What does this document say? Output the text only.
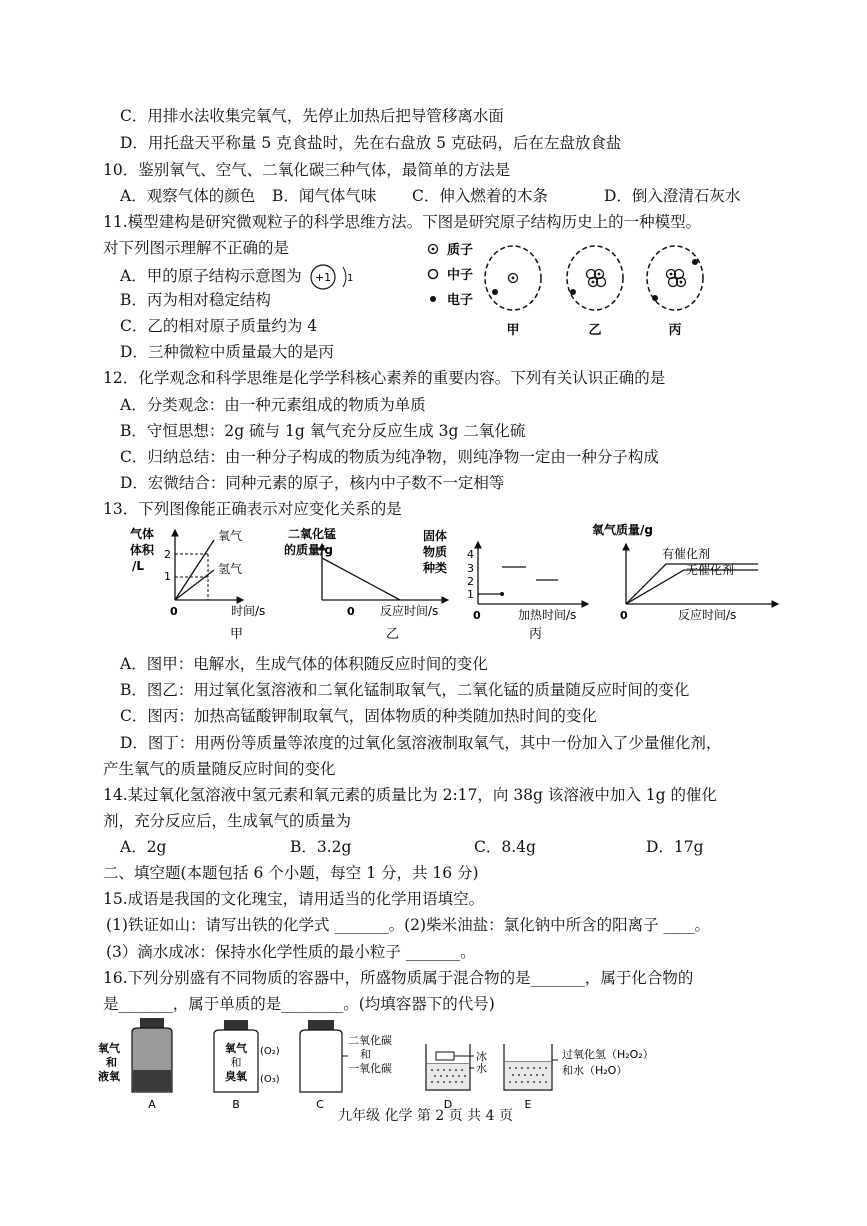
C．用排水法收集完氧气，先停止加热后把导管移离水面
D．用托盘天平称量 5 克食盐时，先在右盘放 5 克砝码，后在左盘放食盐
10．鉴别氧气、空气、二氧化碳三种气体，最简单的方法是
A．观察气体的颜色 B．闻气体气味 C．伸入燃着的木条	D．倒入澄清石灰水
11.模型建构是研究微观粒子的科学思维方法。下图是研究原子结构历史上的一种模型。
对下列图示理解不正确的是
A．甲的原子结构示意图为 +1 1
B．丙为相对稳定结构
C．乙的相对原子质量约为 4
D．三种微粒中质量最大的是丙
质子
中子
电子
甲	乙	丙
12．化学观念和科学思维是化学学科核心素养的重要内容。下列有关认识正确的是
A．分类观念：由一种元素组成的物质为单质
B．守恒思想：2g 硫与 1g 氧气充分反应生成 3g 二氧化硫
C．归纳总结：由一种分子构成的物质为纯净物，则纯净物一定由一种分子构成
D．宏微结合：同种元素的原子，核内中子数不一定相等
13．下列图像能正确表示对应变化关系的是
气体
体积
/L
2
1
氧气
氢气
0	时间/s
甲
二氧化锰
的质量/g
0 反应时间/s
乙
固体
物质
种类
4
3
2
1
0	加热时间/s
丙
氧气质量/g
有催化剂
无催化剂
0	反应时间/s
A．图甲：电解水，生成气体的体积随反应时间的变化
B．图乙：用过氧化氢溶液和二氧化锰制取氧气，二氧化锰的质量随反应时间的变化
C．图丙：加热高锰酸钾制取氧气，固体物质的种类随加热时间的变化
D．图丁：用两份等质量等浓度的过氧化氢溶液制取氧气，其中一份加入了少量催化剂，
产生氧气的质量随反应时间的变化
14.某过氧化氢溶液中氢元素和氧元素的质量比为 2:17，向 38g 该溶液中加入 1g 的催化
剂，充分反应后，生成氧气的质量为
A．2g	B．3.2g	C．8.4g	D．17g
二、填空题(本题包括 6 个小题，每空 1 分，共 16 分)
15.成语是我国的文化瑰宝，请用适当的化学用语填空。
(1)铁证如山：请写出铁的化学式 _______。(2)柴米油盐：氯化钠中所含的阳离子 ____。
(3）滴水成冰：保持水化学性质的最小粒子 _______。
16.下列分别盛有不同物质的容器中，所盛物质属于混合物的是_______，属于化合物的
是_______，属于单质的是________。(均填容器下的代号)
氧气
和
液氧
A
氧气
和
臭氧
(O₂)
(O₃)
B
二氧化碳
和
一氧化碳
C
冰
水
D
过氧化氢（H₂O₂）
和水（H₂O）
E
九年级 化学 第 2 页 共 4 页
